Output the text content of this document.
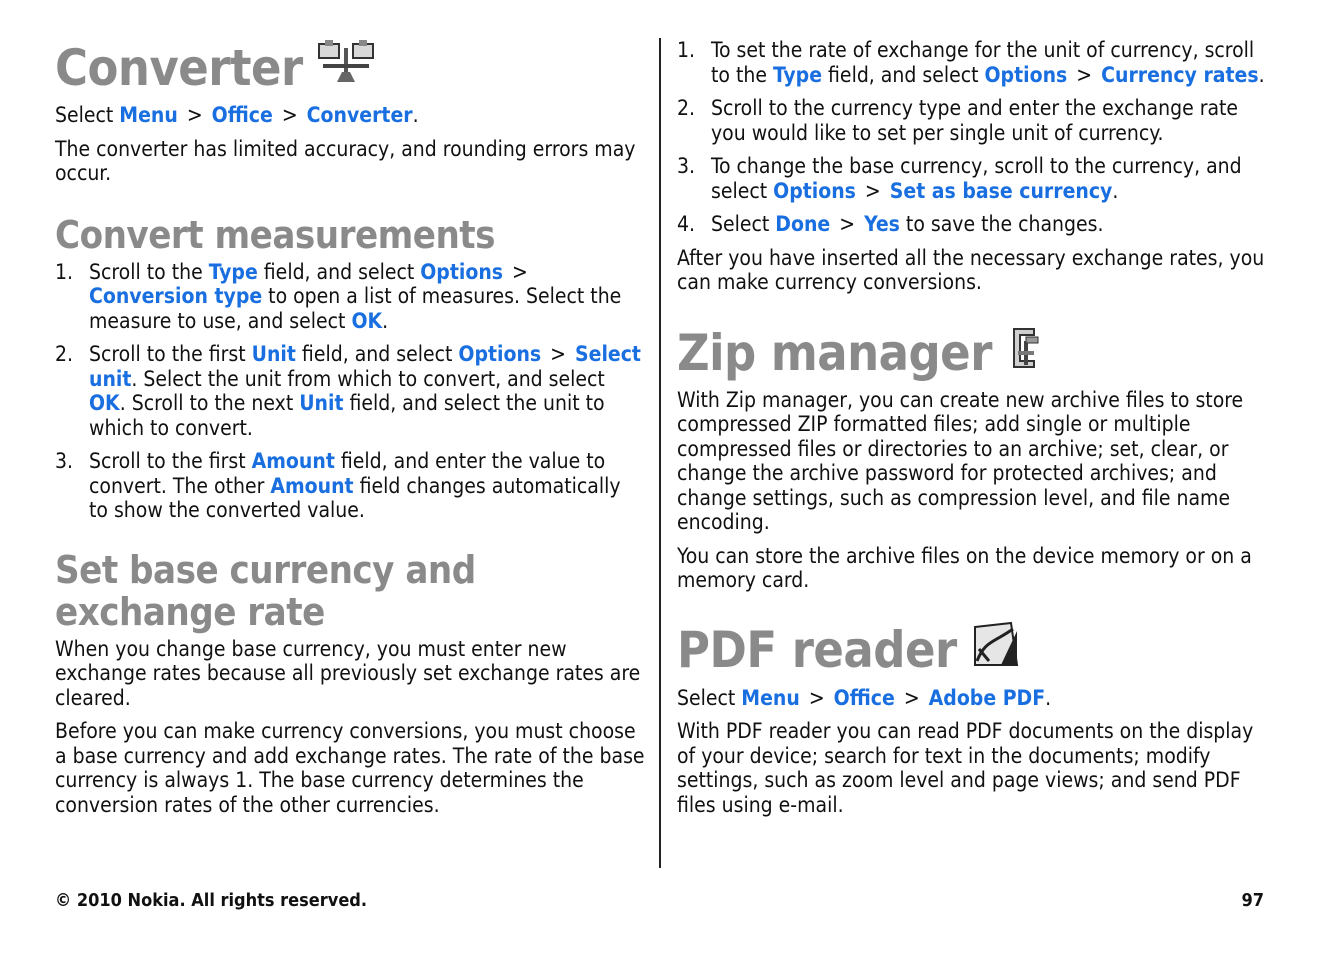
Converter

Select Menu > Office > Converter.

The converter has limited accuracy, and rounding errors may occur.

Convert measurements
1. Scroll to the Type field, and select Options >Conversion type to open a list of measures. Select the measure to use, and select OK.
2. Scroll to the first Unit field, and select Options > Select unit. Select the unit from which to convert, and select OK. Scroll to the next Unit field, and select the unit to which to convert.
3. Scroll to the first Amount field, and enter the value to convert. The other Amount field changes automatically to show the converted value.
Set base currency and exchange rate

When you change base currency, you must enter new exchange rates because all previously set exchange rates are cleared.

Before you can make currency conversions, you must choose a base currency and add exchange rates. The rate of the base currency is always 1. The base currency determines the conversion rates of the other currencies.

1. To set the rate of exchange for the unit of currency, scroll to the Type field, and select Options > Currency rates.
2. Scroll to the currency type and enter the exchange rate you would like to set per single unit of currency.
3. To change the base currency, scroll to the currency, and select Options > Set as base currency.
4. Select Done > Yes to save the changes.

After you have inserted all the necessary exchange rates, you can make currency conversions.

Zip manager

With Zip manager, you can create new archive files to store compressed ZIP formatted files; add single or multiple compressed files or directories to an archive; set, clear, or change the archive password for protected archives; and change settings, such as compression level, and file name encoding.

You can store the archive files on the device memory or on a memory card.

PDF reader

Select Menu > Office > Adobe PDF.

With PDF reader you can read PDF documents on the display of your device; search for text in the documents; modify settings, such as zoom level and page views; and send PDF files using e-mail.

© 2010 Nokia. All rights reserved.	97
